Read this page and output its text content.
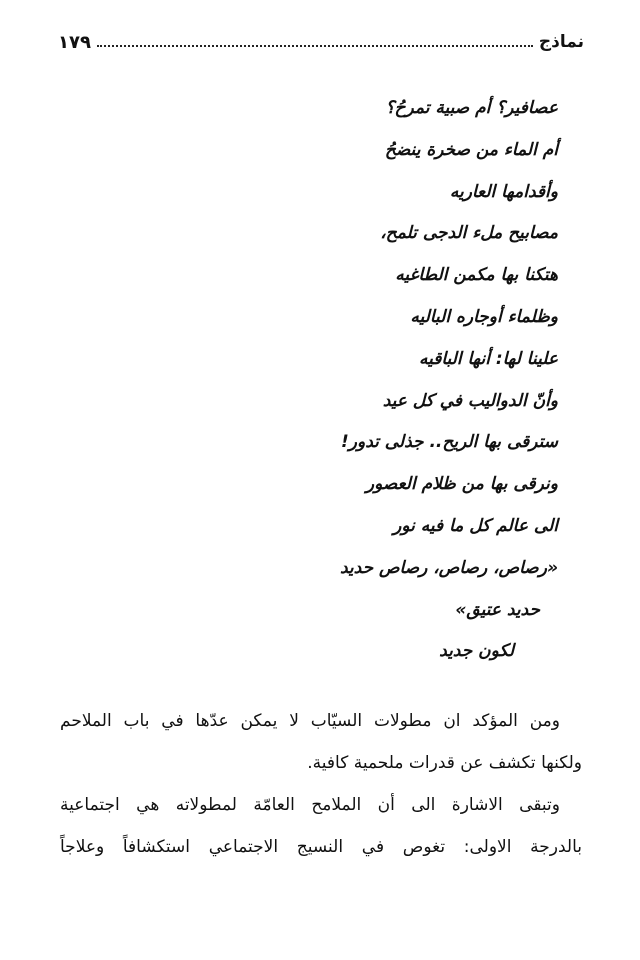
نماذج
١٧٩
عصافير؟ أم صبية تمرحُ؟
أم الماء من صخرة ينضحُ
وأقدامها العاريه
مصابيح ملء الدجى تلمح،
هتكنا بها مكمن الطاغيه
وظلماء أوجاره الباليه
علينا لها: أنها الباقيه
وأنّ الدواليب في كل عيد
سترقى بها الريح.. جذلى تدور!
ونرقى بها من ظلام العصور
الى عالم كل ما فيه نور
«رصاص، رصاص، رصاص حديد
حديد عتيق»
لكون جديد

ومن المؤكد ان مطولات السيّاب لا يمكن عدّها في باب الملاحم

ولكنها تكشف عن قدرات ملحمية كافية.

وتبقى الاشارة الى أن الملامح العامّة لمطولاته هي اجتماعية

بالدرجة الاولى: تغوص في النسيج الاجتماعي استكشافاً وعلاجاً
